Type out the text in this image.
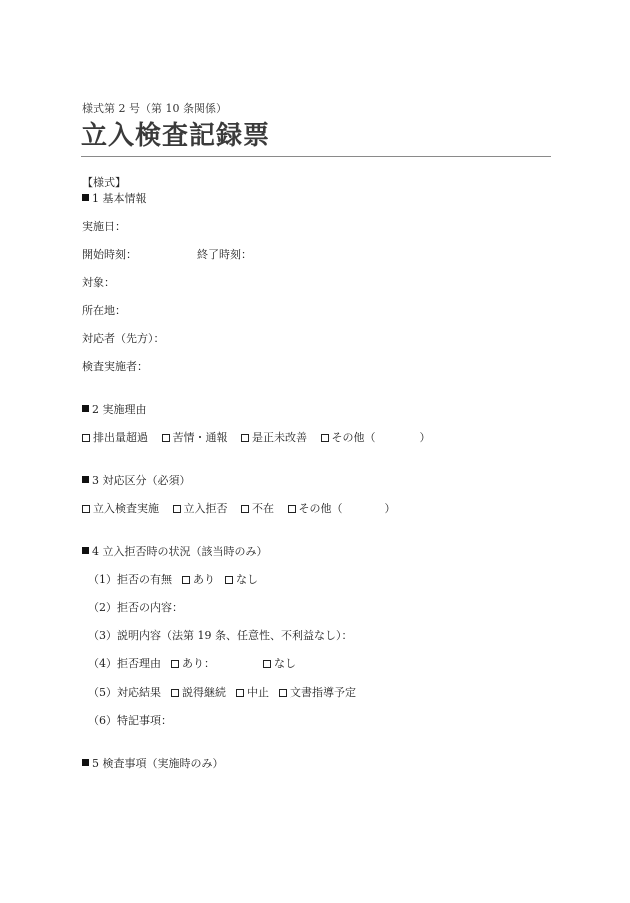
様式第 2 号（第 10 条関係）
立入検査記録票
【様式】
1 基本情報
実施日：
開始時刻：	終了時刻：
対象：
所在地：
対応者（先方）：
検査実施者：
2 実施理由
排出量超過 苦情・通報 是正未改善 その他（	）
3 対応区分（必須）
立入検査実施 立入拒否 不在 その他（	）
4 立入拒否時の状況（該当時のみ）
（1）拒否の有無 あり なし
（2）拒否の内容：
（3）説明内容（法第 19 条、任意性、不利益なし）：
（4）拒否理由 あり：	なし
（5）対応結果 説得継続 中止 文書指導予定
（6）特記事項：
5 検査事項（実施時のみ）
